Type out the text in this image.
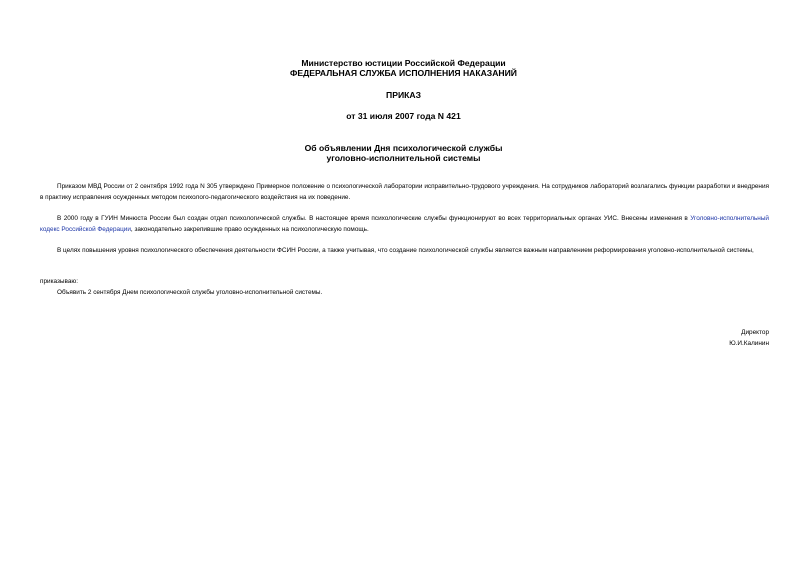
Министерство юстиции Российской Федерации
ФЕДЕРАЛЬНАЯ СЛУЖБА ИСПОЛНЕНИЯ НАКАЗАНИЙ
ПРИКАЗ
от 31 июля 2007 года N 421
Об объявлении Дня психологической службы
уголовно-исполнительной системы
Приказом МВД России от 2 сентября 1992 года N 305 утверждено Примерное положение о психологической лаборатории исправительно-трудового учреждения. На сотрудников лабораторий возлагались функции разработки и внедрения в практику исправления осужденных методом психолого-педагогического воздействия на их поведение.
В 2000 году в ГУИН Минюста России был создан отдел психологической службы. В настоящее время психологические службы функционируют во всех территориальных органах УИС. Внесены изменения в Уголовно-исполнительный кодекс Российской Федерации, законодательно закрепившие право осужденных на психологическую помощь.
В целях повышения уровня психологического обеспечения деятельности ФСИН России, а также учитывая, что создание психологической службы является важным направлением реформирования уголовно-исполнительной системы,
приказываю:
Объявить 2 сентября Днем психологической службы уголовно-исполнительной системы.
Директор
Ю.И.Калинин
